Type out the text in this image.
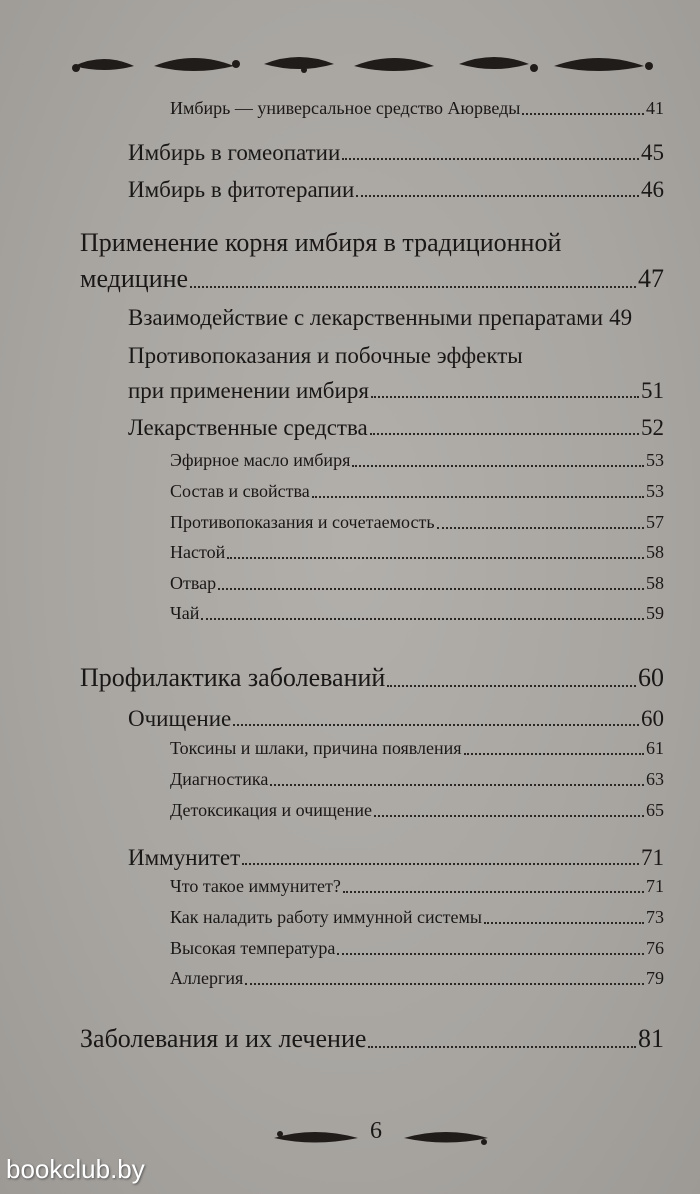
Имбирь — универсальное средство Аюрведы	41
Имбирь в гомеопатии	45
Имбирь в фитотерапии	46
Применение корня имбиря в традиционной
медицине	47
Взаимодействие с лекарственными препаратами 49
Противопоказания и побочные эффекты
при применении имбиря	51
Лекарственные средства	52
Эфирное масло имбиря	53
Состав и свойства	53
Противопоказания и сочетаемость	57
Настой	58
Отвар	58
Чай	59
Профилактика заболеваний	60
Очищение	60
Токсины и шлаки, причина появления	61
Диагностика	63
Детоксикация и очищение	65
Иммунитет	71
Что такое иммунитет?	71
Как наладить работу иммунной системы	73
Высокая температура	76
Аллергия	79
Заболевания и их лечение	81
6
bookclub.by
